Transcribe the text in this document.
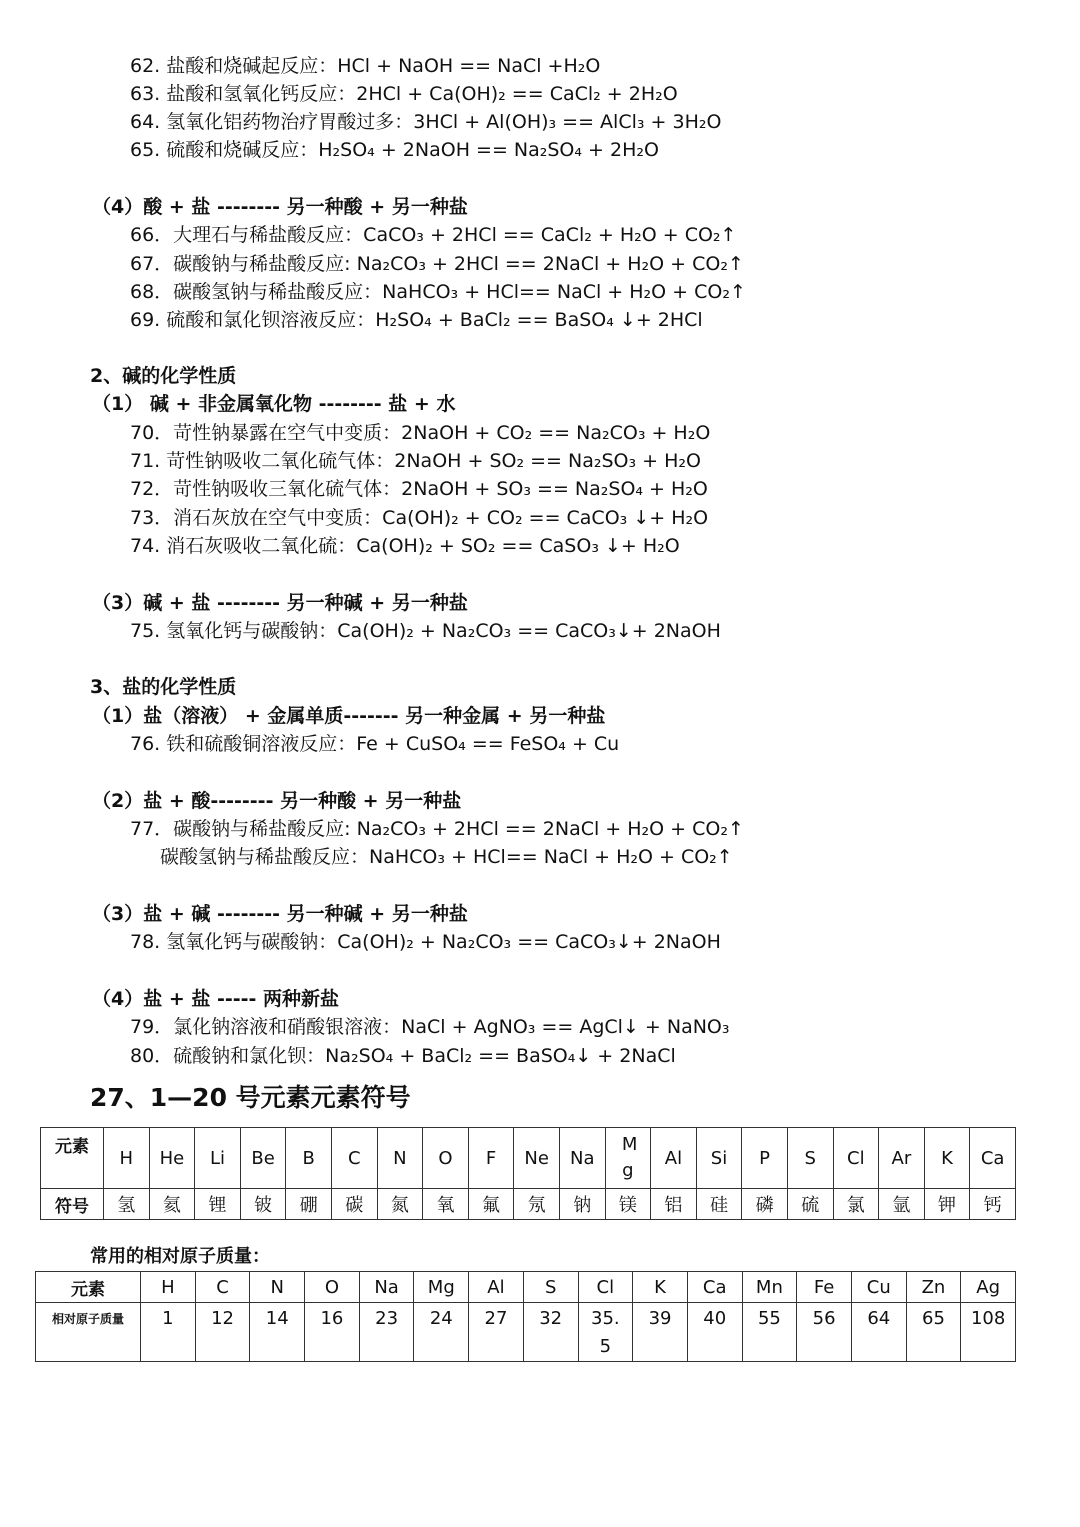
62. 盐酸和烧碱起反应：HCl + NaOH == NaCl +H₂O
63. 盐酸和氢氧化钙反应：2HCl + Ca(OH)₂ == CaCl₂ + 2H₂O
64. 氢氧化铝药物治疗胃酸过多：3HCl + Al(OH)₃ == AlCl₃ + 3H₂O
65. 硫酸和烧碱反应：H₂SO₄ + 2NaOH == Na₂SO₄ + 2H₂O
（4）酸 + 盐 -------- 另一种酸 + 另一种盐
66．大理石与稀盐酸反应：CaCO₃ + 2HCl == CaCl₂ + H₂O + CO₂↑
67．碳酸钠与稀盐酸反应: Na₂CO₃ + 2HCl == 2NaCl + H₂O + CO₂↑
68．碳酸氢钠与稀盐酸反应：NaHCO₃ + HCl== NaCl + H₂O + CO₂↑
69. 硫酸和氯化钡溶液反应：H₂SO₄ + BaCl₂ == BaSO₄ ↓+ 2HCl
2、碱的化学性质
（1） 碱 + 非金属氧化物 -------- 盐 + 水
70．苛性钠暴露在空气中变质：2NaOH + CO₂ == Na₂CO₃ + H₂O
71. 苛性钠吸收二氧化硫气体：2NaOH + SO₂ == Na₂SO₃ + H₂O
72．苛性钠吸收三氧化硫气体：2NaOH + SO₃ == Na₂SO₄ + H₂O
73．消石灰放在空气中变质：Ca(OH)₂ + CO₂ == CaCO₃ ↓+ H₂O
74. 消石灰吸收二氧化硫：Ca(OH)₂ + SO₂ == CaSO₃ ↓+ H₂O
（3）碱 + 盐 -------- 另一种碱 + 另一种盐
75. 氢氧化钙与碳酸钠：Ca(OH)₂ + Na₂CO₃ == CaCO₃↓+ 2NaOH
3、盐的化学性质
（1）盐（溶液） + 金属单质------- 另一种金属 + 另一种盐
76. 铁和硫酸铜溶液反应：Fe + CuSO₄ == FeSO₄ + Cu
（2）盐 + 酸-------- 另一种酸 + 另一种盐
77．碳酸钠与稀盐酸反应: Na₂CO₃ + 2HCl == 2NaCl + H₂O + CO₂↑
碳酸氢钠与稀盐酸反应：NaHCO₃ + HCl== NaCl + H₂O + CO₂↑
（3）盐 + 碱 -------- 另一种碱 + 另一种盐
78. 氢氧化钙与碳酸钠：Ca(OH)₂ + Na₂CO₃ == CaCO₃↓+ 2NaOH
（4）盐 + 盐 ----- 两种新盐
79．氯化钠溶液和硝酸银溶液：NaCl + AgNO₃ == AgCl↓ + NaNO₃
80．硫酸钠和氯化钡：Na₂SO₄ + BaCl₂ == BaSO₄↓ + 2NaCl
27、1—20 号元素元素符号
元素	H	He	Li	Be	B	C	N	O	F	Ne	Na	Mg	Al	Si	P	S	Cl	Ar	K	Ca
符号	氢	氦	锂	铍	硼	碳	氮	氧	氟	氖	钠	镁	铝	硅	磷	硫	氯	氩	钾	钙
常用的相对原子质量：
元素	H	C	N	O	Na	Mg	Al	S	Cl	K	Ca	Mn	Fe	Cu	Zn	Ag
相对原子质量	1	12	14	16	23	24	27	32	35.5	39	40	55	56	64	65	108
